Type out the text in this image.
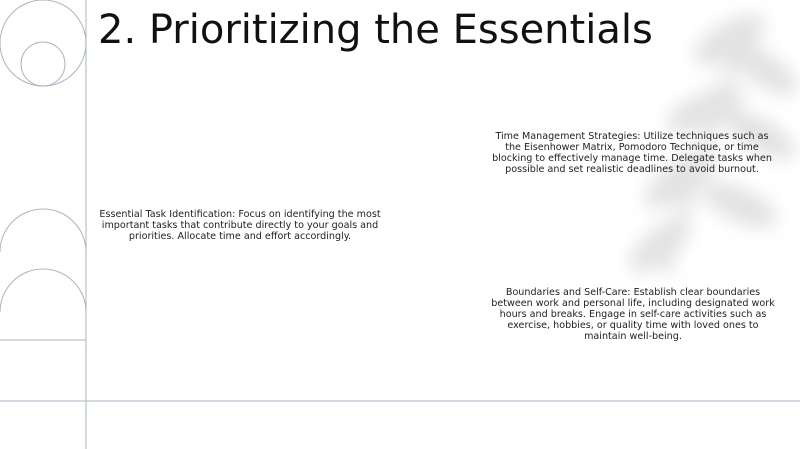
2. Prioritizing the Essentials

Time Management Strategies: Utilize techniques such as the Eisenhower Matrix, Pomodoro Technique, or time blocking to effectively manage time. Delegate tasks when possible and set realistic deadlines to avoid burnout.

Essential Task Identification: Focus on identifying the most important tasks that contribute directly to your goals and priorities. Allocate time and effort accordingly.

Boundaries and Self-Care: Establish clear boundaries between work and personal life, including designated work hours and breaks. Engage in self-care activities such as exercise, hobbies, or quality time with loved ones to maintain well-being.
